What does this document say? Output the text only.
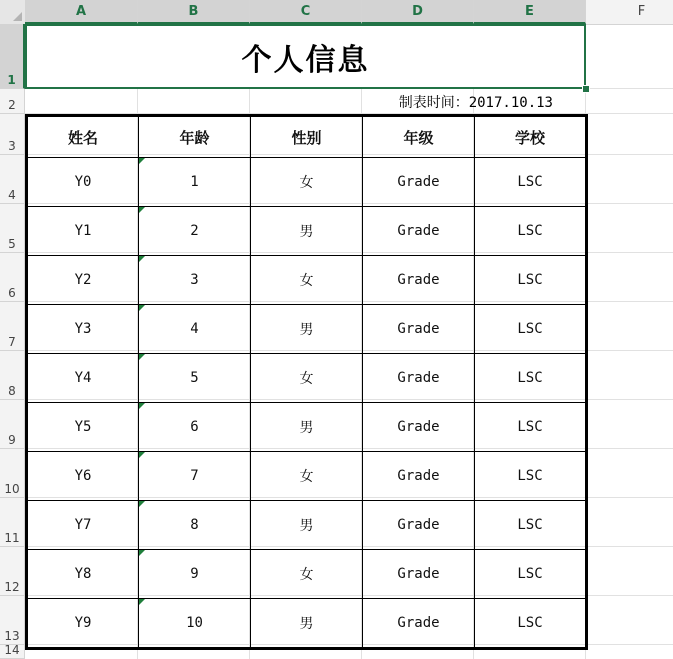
A	B	C	D	E	F
1
2
3
4
5
6
7
8
9
10
11
12
13
14
个人信息
制表时间：2017.10.13
姓名	年龄	性别	年级	学校
Y0	1	女	Grade	LSC
Y1	2	男	Grade	LSC
Y2	3	女	Grade	LSC
Y3	4	男	Grade	LSC
Y4	5	女	Grade	LSC
Y5	6	男	Grade	LSC
Y6	7	女	Grade	LSC
Y7	8	男	Grade	LSC
Y8	9	女	Grade	LSC
Y9	10	男	Grade	LSC
